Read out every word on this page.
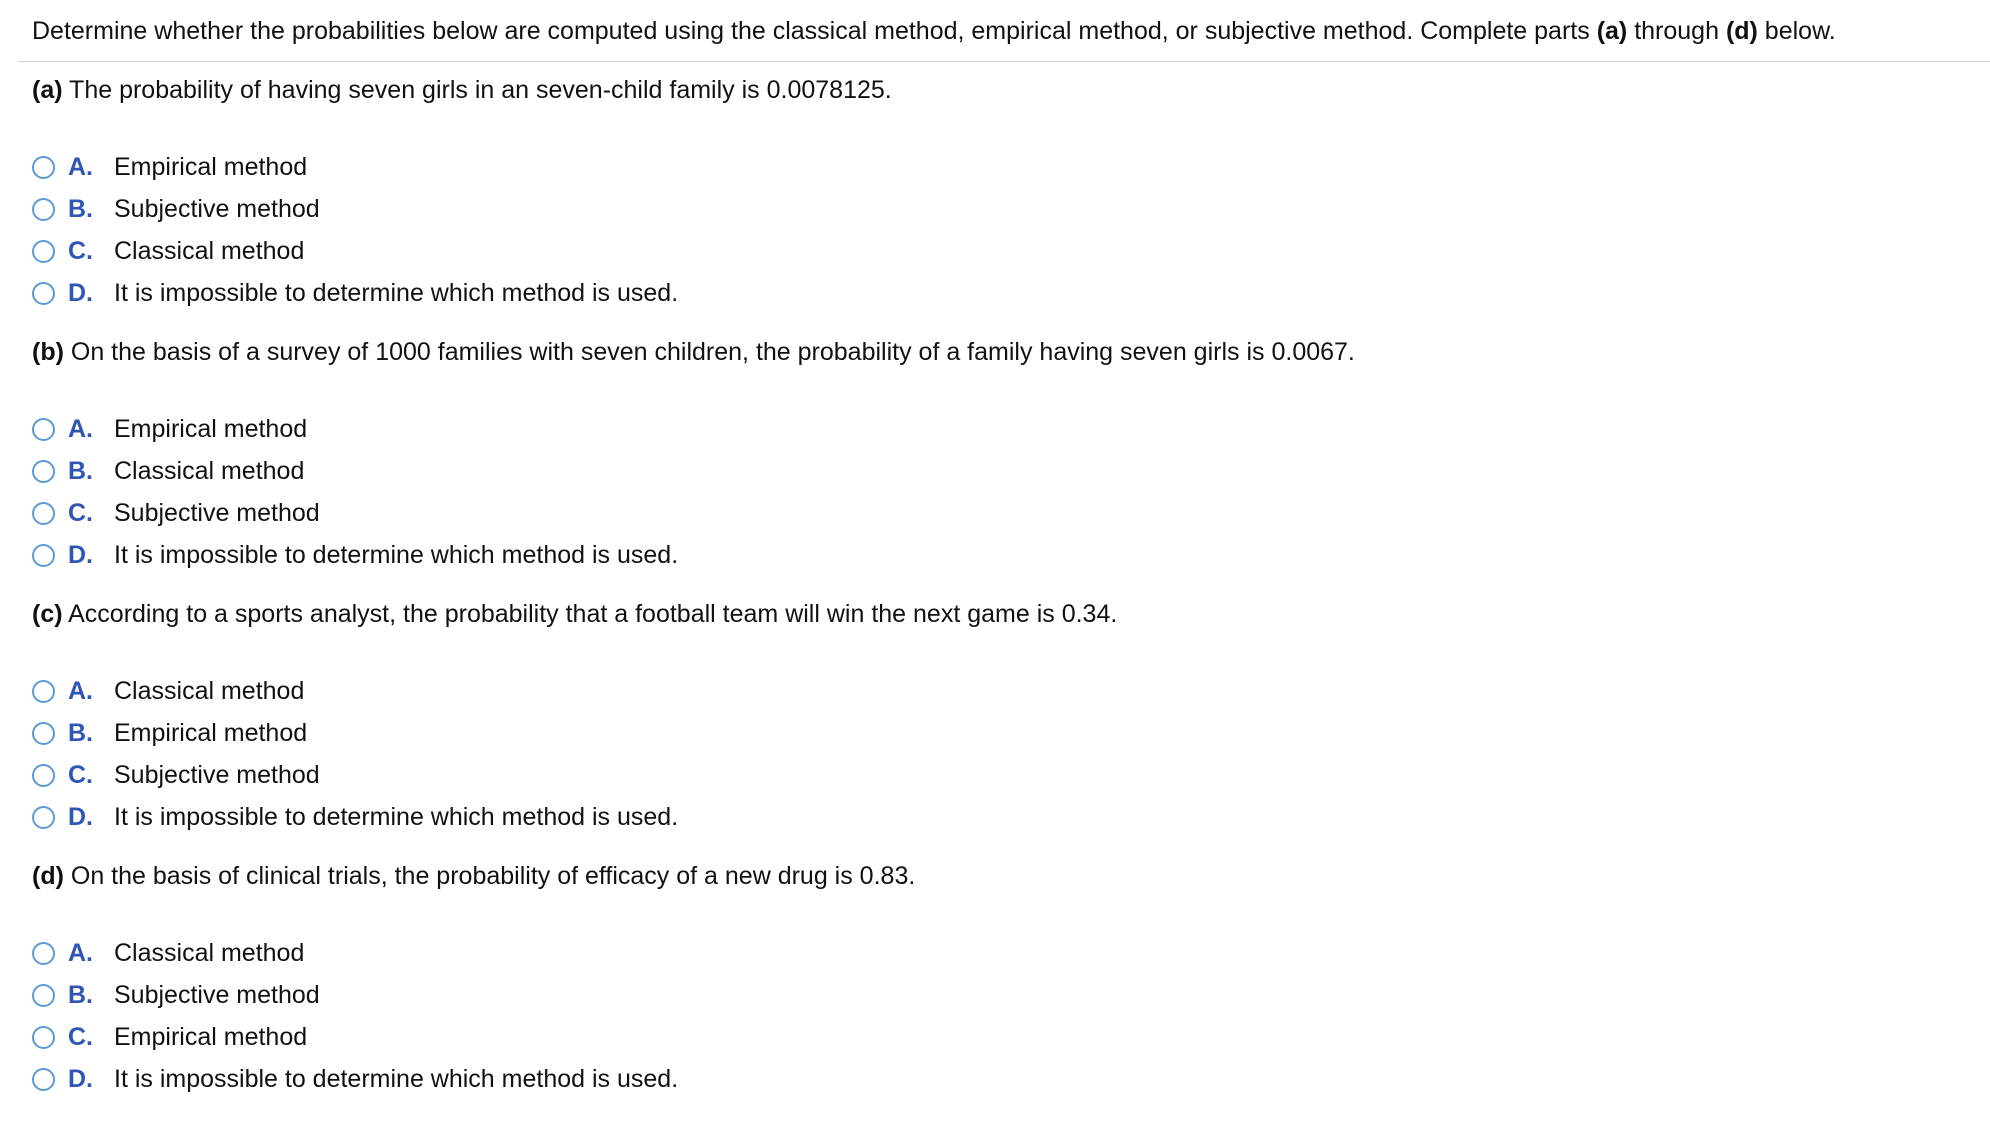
Determine whether the probabilities below are computed using the classical method, empirical method, or subjective method. Complete parts (a) through (d) below.
(a) The probability of having seven girls in an seven-child family is 0.0078125.
A. Empirical method
B. Subjective method
C. Classical method
D. It is impossible to determine which method is used.
(b) On the basis of a survey of 1000 families with seven children, the probability of a family having seven girls is 0.0067.
A. Empirical method
B. Classical method
C. Subjective method
D. It is impossible to determine which method is used.
(c) According to a sports analyst, the probability that a football team will win the next game is 0.34.
A. Classical method
B. Empirical method
C. Subjective method
D. It is impossible to determine which method is used.
(d) On the basis of clinical trials, the probability of efficacy of a new drug is 0.83.
A. Classical method
B. Subjective method
C. Empirical method
D. It is impossible to determine which method is used.
